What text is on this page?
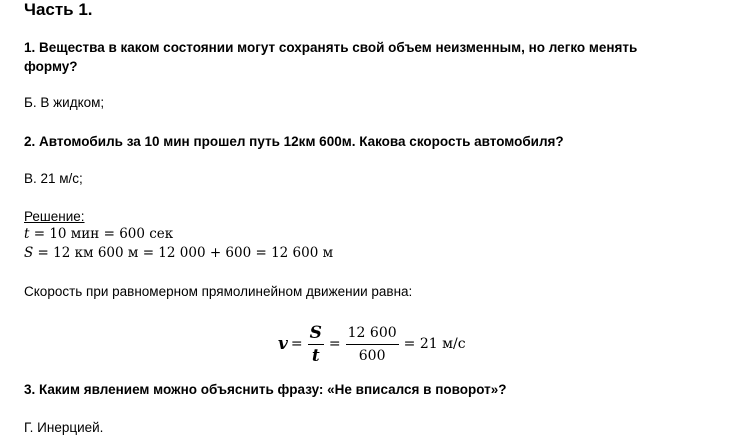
Часть 1.
1. Вещества в каком состоянии могут сохранять свой объем неизменным, но легко менять
форму?
Б. В жидком;
2. Автомобиль за 10 мин прошел путь 12км 600м. Какова скорость автомобиля?
В. 21 м/с;
Решение:
t = 10 мин = 600 сек
S = 12 км 600 м = 12 000 + 600 = 12 600 м
Скорость при равномерном прямолинейном движении равна:
$v = \frac{S}{t} = \frac{12 600}{600} = 21$ м/с
3. Каким явлением можно объяснить фразу: «Не вписался в поворот»?
Г. Инерцией.
